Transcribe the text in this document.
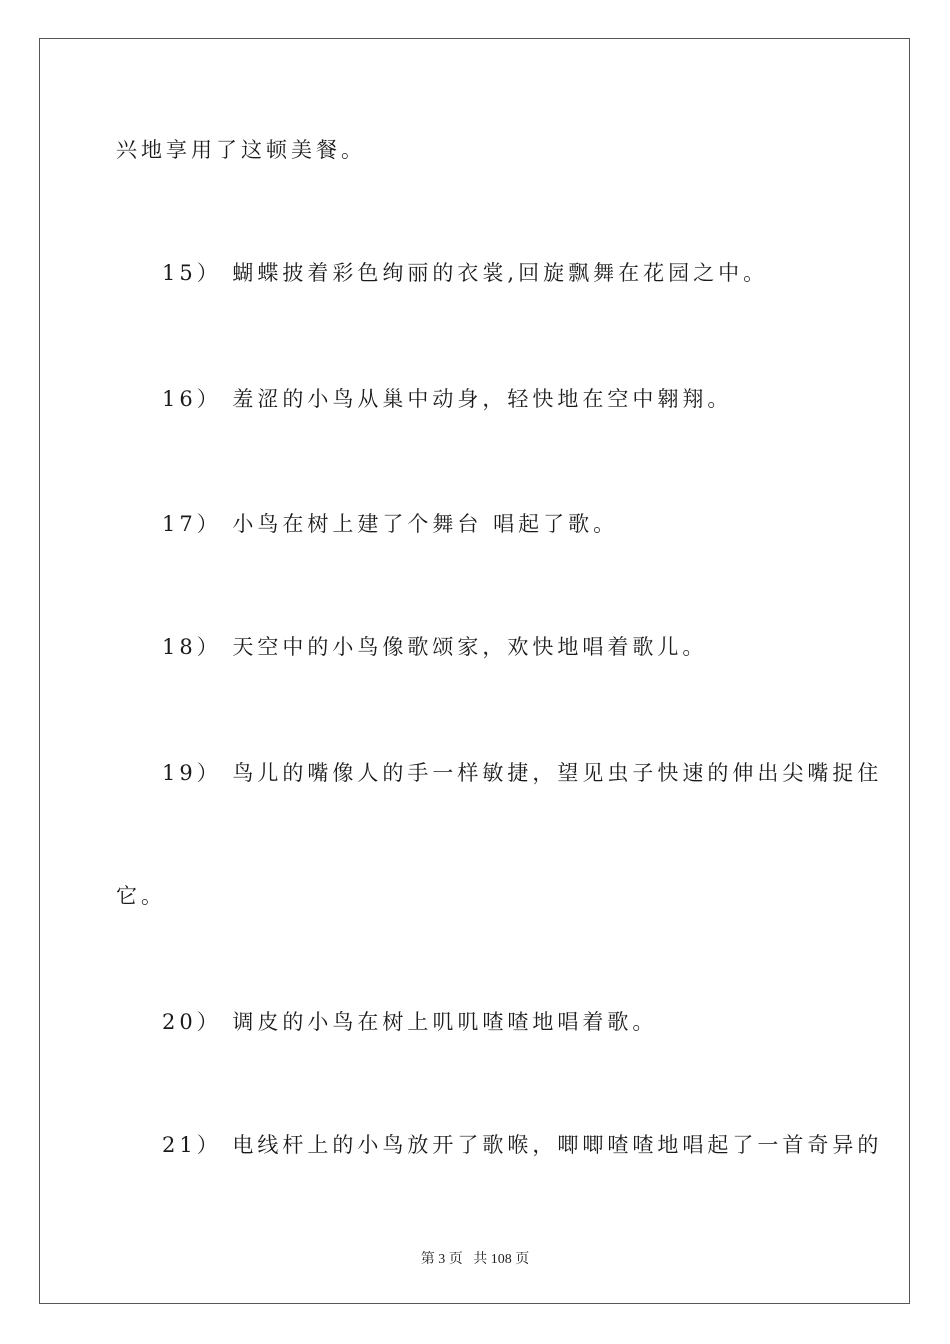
兴地享用了这顿美餐。
15） 蝴蝶披着彩色绚丽的衣裳,回旋飘舞在花园之中。
16） 羞涩的小鸟从巢中动身，轻快地在空中翱翔。
17） 小鸟在树上建了个舞台 唱起了歌。
18） 天空中的小鸟像歌颂家，欢快地唱着歌儿。
19） 鸟儿的嘴像人的手一样敏捷，望见虫子快速的伸出尖嘴捉住
它。
20） 调皮的小鸟在树上叽叽喳喳地唱着歌。
21） 电线杆上的小鸟放开了歌喉，唧唧喳喳地唱起了一首奇异的
第 3 页 共 108 页
